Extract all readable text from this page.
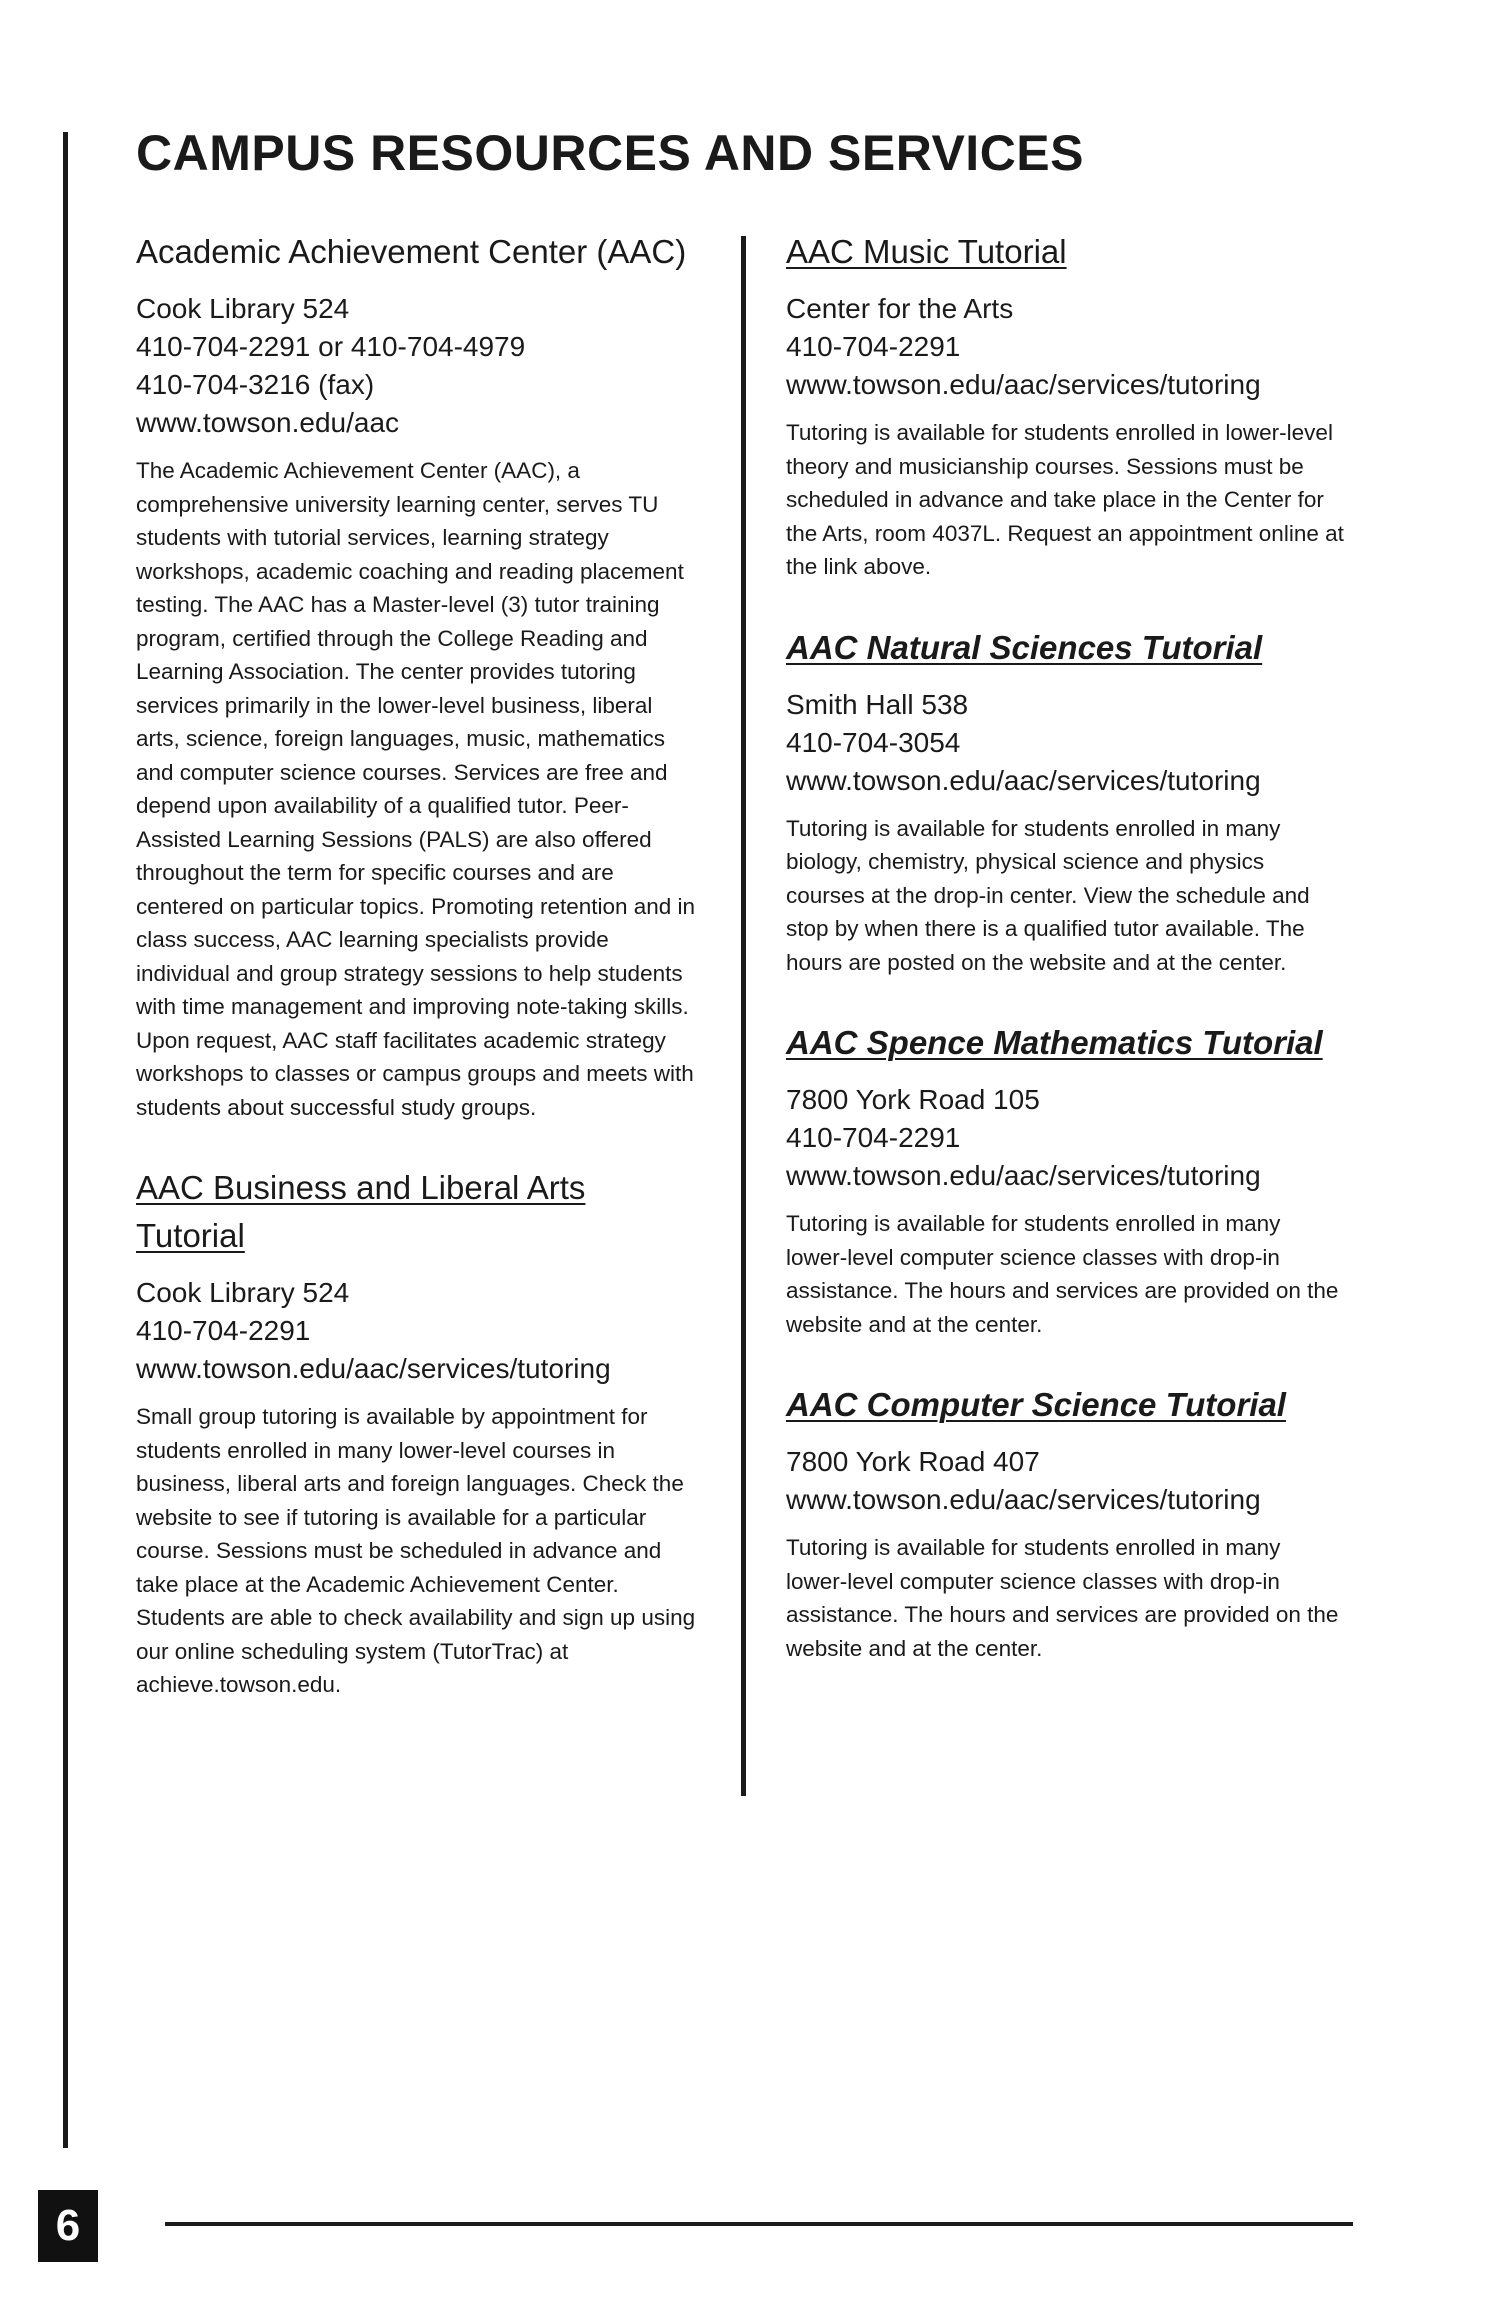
6
CAMPUS RESOURCES AND SERVICES
Academic Achievement Center (AAC)
Cook Library 524
410-704-2291 or 410-704-4979
410-704-3216 (fax)
www.towson.edu/aac

The Academic Achievement Center (AAC), a comprehensive university learning center, serves TU students with tutorial services, learning strategy workshops, academic coaching and reading placement testing. The AAC has a Master-level (3) tutor training program, certified through the College Reading and Learning Association. The center provides tutoring services primarily in the lower-level business, liberal arts, science, foreign languages, music, mathematics and computer science courses. Services are free and depend upon availability of a qualified tutor. Peer-Assisted Learning Sessions (PALS) are also offered throughout the term for specific courses and are centered on particular topics. Promoting retention and in class success, AAC learning specialists provide individual and group strategy sessions to help students with time management and improving note-taking skills. Upon request, AAC staff facilitates academic strategy workshops to classes or campus groups and meets with students about successful study groups.

AAC Business and Liberal Arts Tutorial
Cook Library 524
410-704-2291
www.towson.edu/aac/services/tutoring

Small group tutoring is available by appointment for students enrolled in many lower-level courses in business, liberal arts and foreign languages. Check the website to see if tutoring is available for a particular course. Sessions must be scheduled in advance and take place at the Academic Achievement Center. Students are able to check availability and sign up using our online scheduling system (TutorTrac) at achieve.towson.edu.

AAC Music Tutorial
Center for the Arts
410-704-2291
www.towson.edu/aac/services/tutoring

Tutoring is available for students enrolled in lower-level theory and musicianship courses. Sessions must be scheduled in advance and take place in the Center for the Arts, room 4037L. Request an appointment online at the link above.

AAC Natural Sciences Tutorial
Smith Hall 538
410-704-3054
www.towson.edu/aac/services/tutoring

Tutoring is available for students enrolled in many biology, chemistry, physical science and physics courses at the drop-in center. View the schedule and stop by when there is a qualified tutor available. The hours are posted on the website and at the center.

AAC Spence Mathematics Tutorial
7800 York Road 105
410-704-2291
www.towson.edu/aac/services/tutoring

Tutoring is available for students enrolled in many lower-level computer science classes with drop-in assistance. The hours and services are provided on the website and at the center.

AAC Computer Science Tutorial
7800 York Road 407
www.towson.edu/aac/services/tutoring

Tutoring is available for students enrolled in many lower-level computer science classes with drop-in assistance. The hours and services are provided on the website and at the center.
